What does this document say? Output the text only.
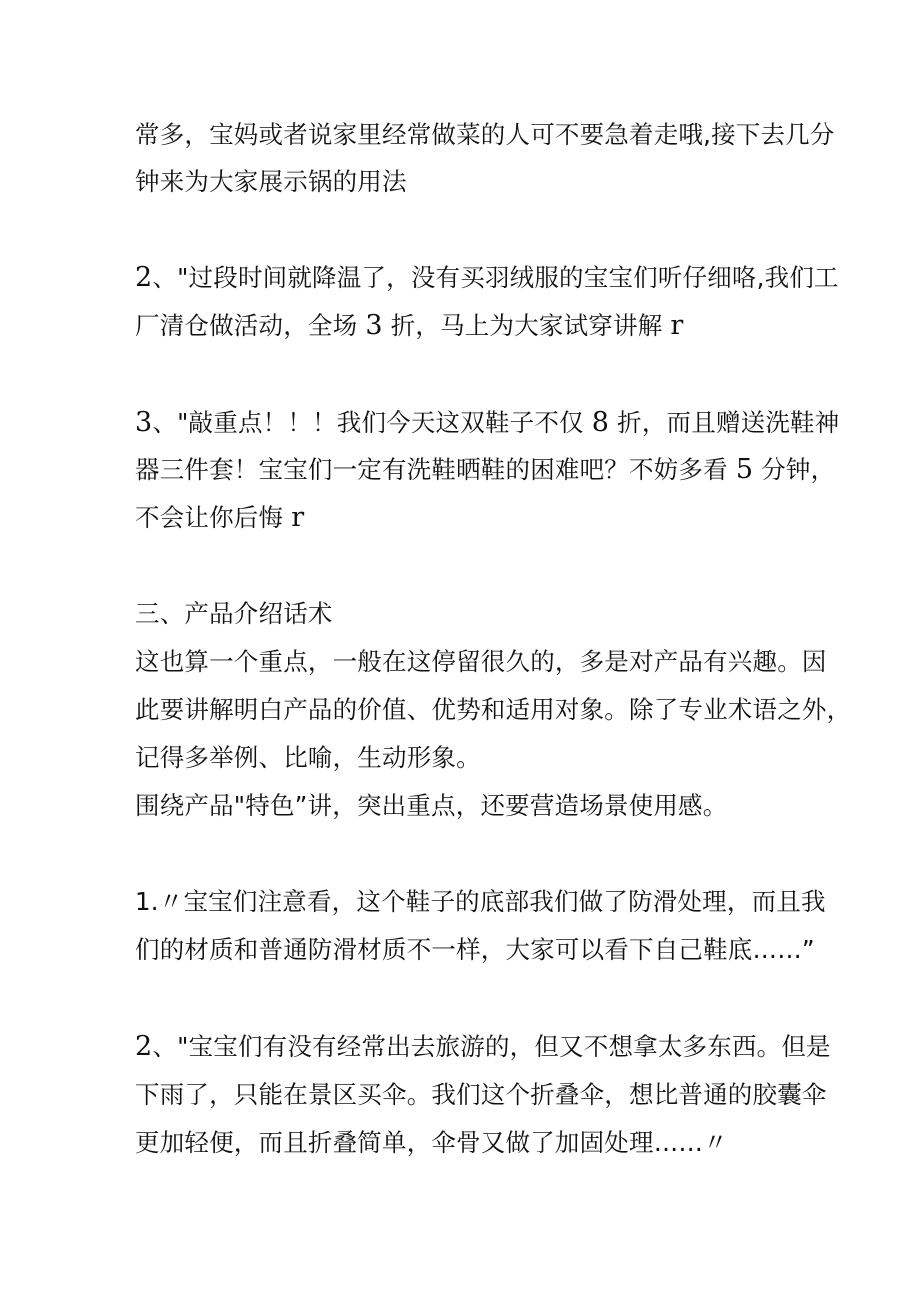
常多，宝妈或者说家里经常做菜的人可不要急着走哦,接下去几分
钟来为大家展示锅的用法
2、"过段时间就降温了，没有买羽绒服的宝宝们听仔细咯,我们工
厂清仓做活动，全场 3 折，马上为大家试穿讲解 r
3、"敲重点！！！我们今天这双鞋子不仅 8 折，而且赠送洗鞋神
器三件套！宝宝们一定有洗鞋晒鞋的困难吧？不妨多看 5 分钟，
不会让你后悔 r
三、产品介绍话术
这也算一个重点，一般在这停留很久的，多是对产品有兴趣。因
此要讲解明白产品的价值、优势和适用对象。除了专业术语之外，
记得多举例、比喻，生动形象。
围绕产品"特色”讲，突出重点，还要营造场景使用感。
1.〃宝宝们注意看，这个鞋子的底部我们做了防滑处理，而且我
们的材质和普通防滑材质不一样，大家可以看下自己鞋底……”
2、"宝宝们有没有经常出去旅游的，但又不想拿太多东西。但是
下雨了，只能在景区买伞。我们这个折叠伞，想比普通的胶囊伞
更加轻便，而且折叠简单，伞骨又做了加固处理……〃
